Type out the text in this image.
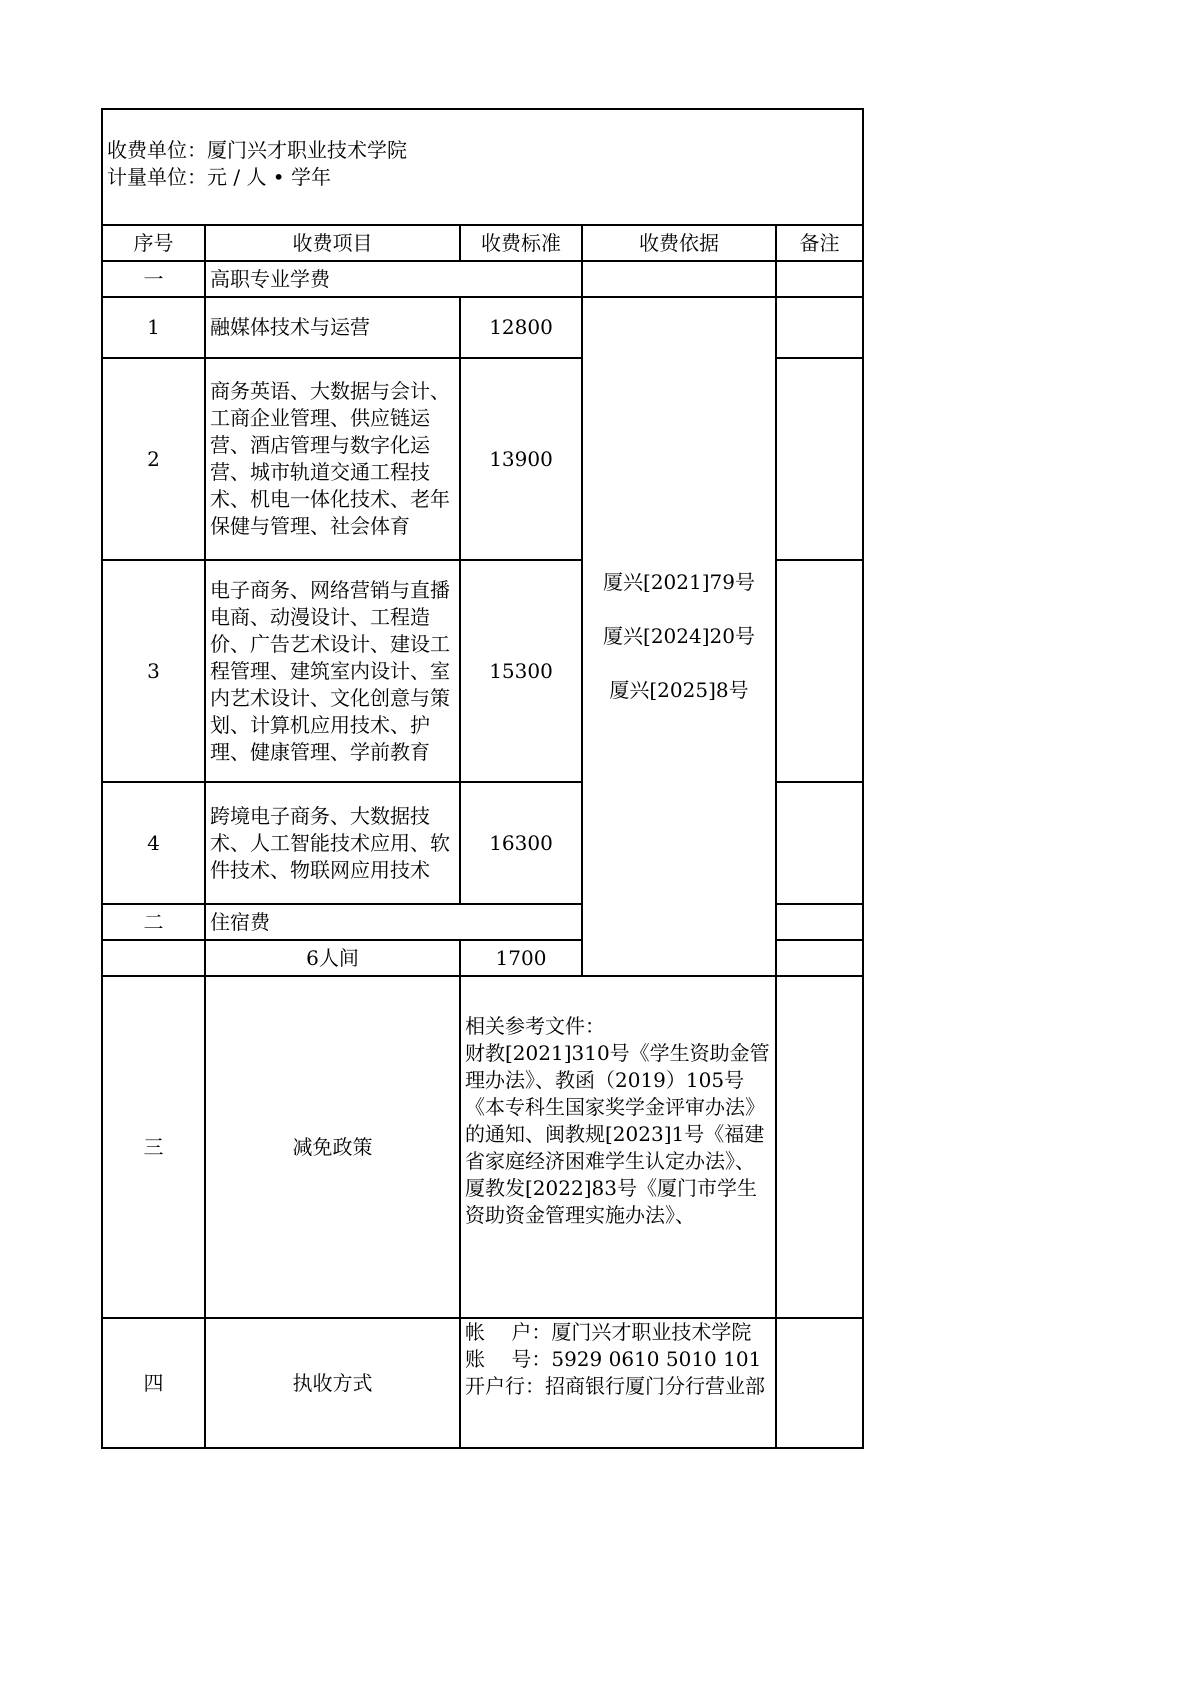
收费单位：厦门兴才职业技术学院
计量单位：元 / 人 • 学年					

序号	收费项目	收费标准	收费依据	备注	
一	高职专业学费				
1	融媒体技术与运营	12800	厦兴[2021]79号
厦兴[2024]20号
厦兴[2025]8号		

2	商务英语、大数据与会计、工商企业管理、供应链运营、酒店管理与数字化运营、城市轨道交通工程技术、机电一体化技术、老年保健与管理、社会体育	13900			
3	电子商务、网络营销与直播电商、动漫设计、工程造价、广告艺术设计、建设工程管理、建筑室内设计、室内艺术设计、文化创意与策划、计算机应用技术、护理、健康管理、学前教育	15300			
4	跨境电子商务、大数据技术、人工智能技术应用、软件技术、物联网应用技术	16300			
二	住宿费				
	6人间	1700			
三	减免政策	相关参考文件：
财教[2021]310号《学生资助金管理办法》、教函（2019）105号《本专科生国家奖学金评审办法》的通知、闽教规[2023]1号《福建省家庭经济困难学生认定办法》、厦教发[2022]83号《厦门市学生资助资金管理实施办法》、			

四	执收方式	帐　 户：厦门兴才职业技术学院
账　 号：5929 0610 5010 101
开户行：招商银行厦门分行营业部			
